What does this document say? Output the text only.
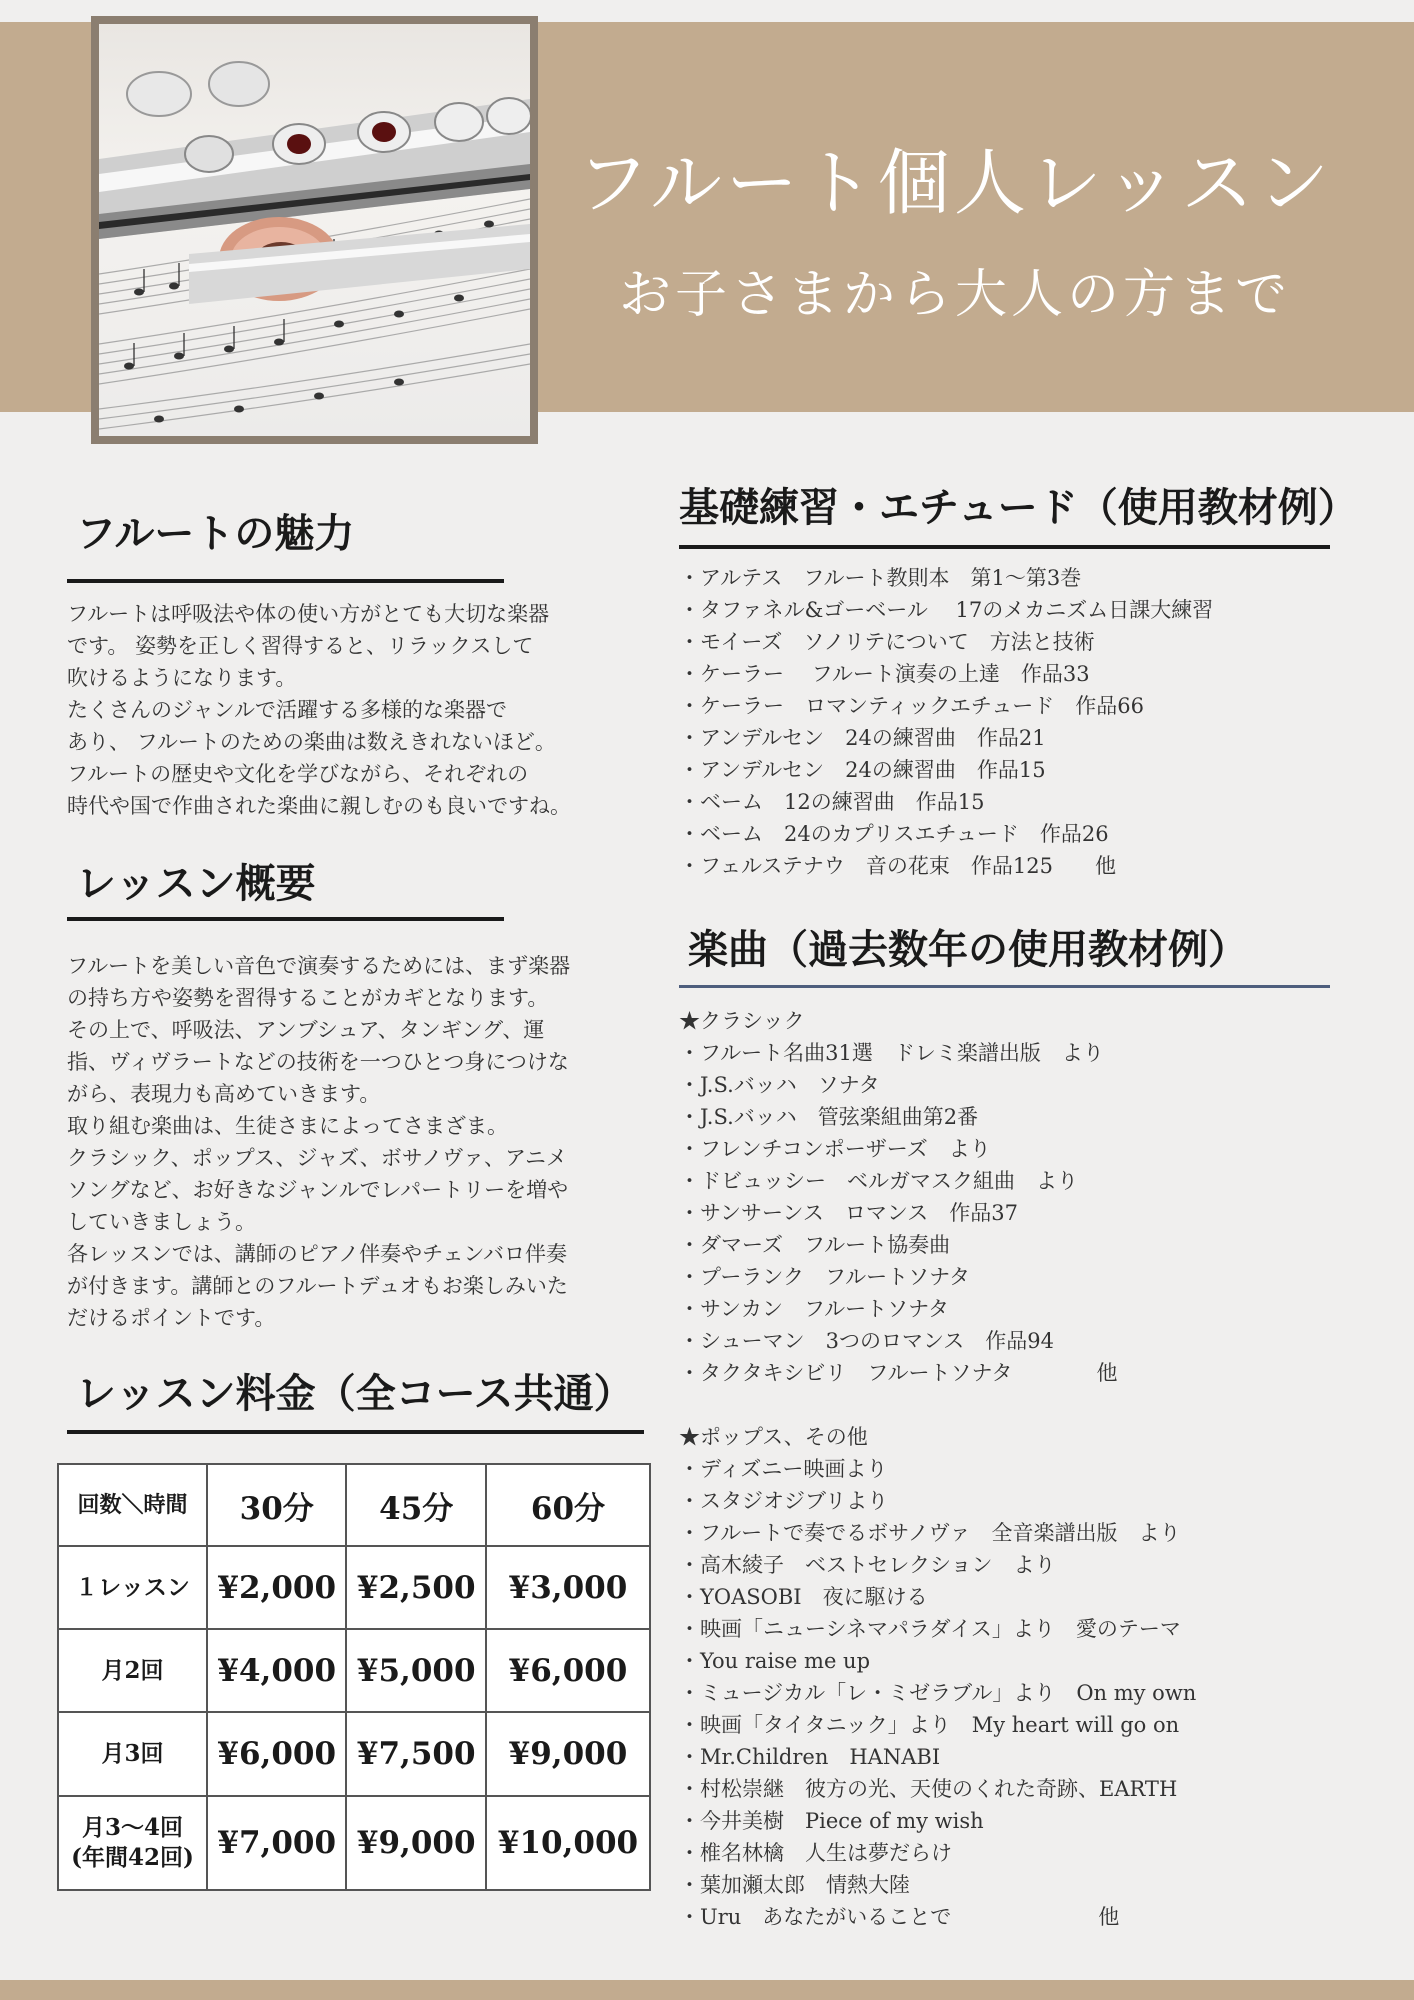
フルート個人レッスン
お子さまから大人の方まで
フルートの魅力
フルートは呼吸法や体の使い方がとても大切な楽器
です。 姿勢を正しく習得すると、リラックスして
吹けるようになります。
たくさんのジャンルで活躍する多様的な楽器で
あり、 フルートのための楽曲は数えきれないほど。
フルートの歴史や文化を学びながら、それぞれの
時代や国で作曲された楽曲に親しむのも良いですね。
レッスン概要
フルートを美しい音色で演奏するためには、まず楽器
の持ち方や姿勢を習得することがカギとなります。
その上で、呼吸法、アンブシュア、タンギング、運
指、ヴィヴラートなどの技術を一つひとつ身につけな
がら、表現力も高めていきます。
取り組む楽曲は、生徒さまによってさまざま。
クラシック、ポップス、ジャズ、ボサノヴァ、アニメ
ソングなど、お好きなジャンルでレパートリーを増や
していきましょう。
各レッスンでは、講師のピアノ伴奏やチェンバロ伴奏
が付きます。講師とのフルートデュオもお楽しみいた
だけるポイントです。
レッスン料金（全コース共通）
回数＼時間	30分	45分	60分
１レッスン	¥2,000	¥2,500	¥3,000
月2回	¥4,000	¥5,000	¥6,000
月3回	¥6,000	¥7,500	¥9,000

月3〜4回
(年間42回)	¥7,000	¥9,000	¥10,000
基礎練習・エチュード（使用教材例）
・アルテス　フルート教則本　第1〜第3巻
・タファネル&ゴーベール　 17のメカニズム日課大練習
・モイーズ　ソノリテについて　方法と技術
・ケーラー　 フルート演奏の上達　作品33
・ケーラー　ロマンティックエチュード　作品66
・アンデルセン　24の練習曲　作品21
・アンデルセン　24の練習曲　作品15
・ベーム　12の練習曲　作品15
・ベーム　24のカプリスエチュード　作品26
・フェルステナウ　音の花束　作品125　　他
楽曲（過去数年の使用教材例）
★クラシック
・フルート名曲31選　ドレミ楽譜出版　より
・J.S.バッハ　ソナタ
・J.S.バッハ　管弦楽組曲第2番
・フレンチコンポーザーズ　より
・ドビュッシー　ベルガマスク組曲　より
・サンサーンス　ロマンス　作品37
・ダマーズ　フルート協奏曲
・プーランク　フルートソナタ
・サンカン　フルートソナタ
・シューマン　3つのロマンス　作品94
・タクタキシビリ　フルートソナタ　　　　他
★ポップス、その他
・ディズニー映画より
・スタジオジブリより
・フルートで奏でるボサノヴァ　全音楽譜出版　より
・高木綾子　ベストセレクション　より
・YOASOBI　夜に駆ける
・映画「ニューシネマパラダイス」より　愛のテーマ
・You raise me up
・ミュージカル「レ・ミゼラブル」より　On my own
・映画「タイタニック」より　My heart will go on
・Mr.Children　HANABI
・村松崇継　彼方の光、天使のくれた奇跡、EARTH
・今井美樹　Piece of my wish
・椎名林檎　人生は夢だらけ
・葉加瀬太郎　情熱大陸
・Uru　あなたがいることで　　　　　　　他
